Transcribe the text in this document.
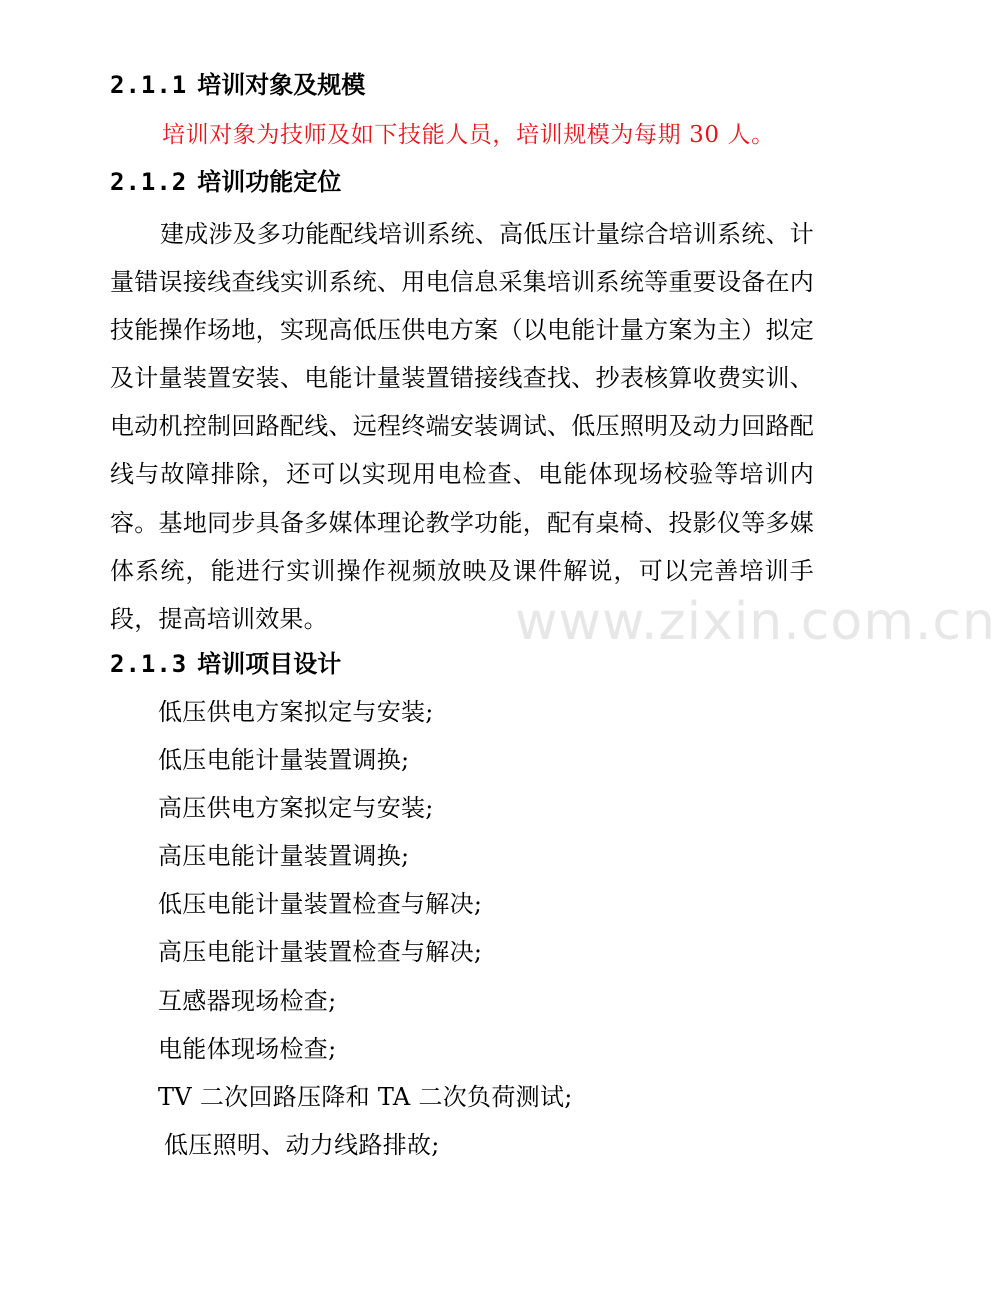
2.1.1 培训对象及规模
培训对象为技师及如下技能人员，培训规模为每期 30 人。
2.1.2 培训功能定位
建成涉及多功能配线培训系统、高低压计量综合培训系统、计量错误接线查线实训系统、用电信息采集培训系统等重要设备在内技能操作场地，实现高低压供电方案（以电能计量方案为主）拟定及计量装置安装、电能计量装置错接线查找、抄表核算收费实训、电动机控制回路配线、远程终端安装调试、低压照明及动力回路配线与故障排除，还可以实现用电检查、电能体现场校验等培训内容。基地同步具备多媒体理论教学功能，配有桌椅、投影仪等多媒体系统，能进行实训操作视频放映及课件解说，可以完善培训手段，提高培训效果。	www.zixin.com.cn
2.1.3 培训项目设计
低压供电方案拟定与安装;
低压电能计量装置调换;
高压供电方案拟定与安装;
高压电能计量装置调换;
低压电能计量装置检查与解决;
高压电能计量装置检查与解决;
互感器现场检查;
电能体现场检查;
TV 二次回路压降和 TA 二次负荷测试;
低压照明、动力线路排故;
